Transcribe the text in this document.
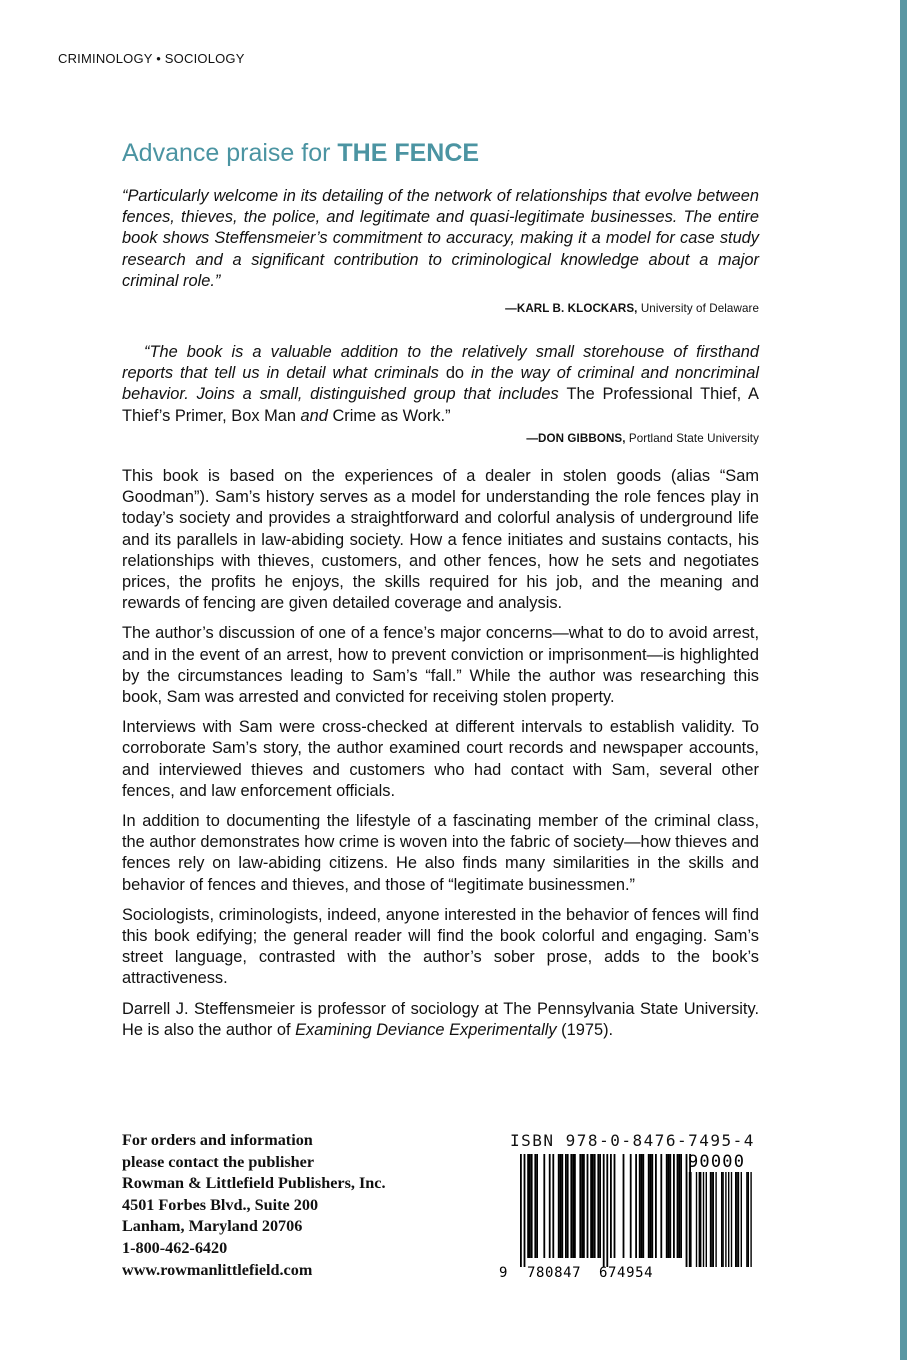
CRIMINOLOGY • SOCIOLOGY
Advance praise for THE FENCE
“Particularly welcome in its detailing of the network of relationships that evolve between fences, thieves, the police, and legitimate and quasi-legitimate businesses. The entire book shows Steffensmeier’s commitment to accuracy, making it a model for case study research and a significant contribution to criminological knowledge about a major criminal role.”
—KARL B. KLOCKARS, University of Delaware
“The book is a valuable addition to the relatively small storehouse of firsthand reports that tell us in detail what criminals do in the way of criminal and noncriminal behavior. Joins a small, distinguished group that includes The Professional Thief, A Thief’s Primer, Box Man and Crime as Work.”
—DON GIBBONS, Portland State University

This book is based on the experiences of a dealer in stolen goods (alias “Sam Goodman”). Sam’s history serves as a model for understanding the role fences play in today’s society and provides a straightforward and colorful analysis of underground life and its parallels in law-abiding society. How a fence initiates and sustains contacts, his relationships with thieves, customers, and other fences, how he sets and negotiates prices, the profits he enjoys, the skills required for his job, and the meaning and rewards of fencing are given detailed coverage and analysis.

The author’s discussion of one of a fence’s major concerns—what to do to avoid arrest, and in the event of an arrest, how to prevent conviction or imprisonment—is highlighted by the circumstances leading to Sam’s “fall.” While the author was researching this book, Sam was arrested and convicted for receiving stolen property.

Interviews with Sam were cross-checked at different intervals to establish validity. To corroborate Sam’s story, the author examined court records and newspaper accounts, and interviewed thieves and customers who had contact with Sam, several other fences, and law enforcement officials.

In addition to documenting the lifestyle of a fascinating member of the criminal class, the author demonstrates how crime is woven into the fabric of society—how thieves and fences rely on law-abiding citizens. He also finds many similarities in the skills and behavior of fences and thieves, and those of “legitimate businessmen.”

Sociologists, criminologists, indeed, anyone interested in the behavior of fences will find this book edifying; the general reader will find the book colorful and engaging. Sam’s street language, contrasted with the author’s sober prose, adds to the book’s attractiveness.

Darrell J. Steffensmeier is professor of sociology at The Pennsylvania State University. He is also the author of Examining Deviance Experimentally (1975).

For orders and information
please contact the publisher
Rowman & Littlefield Publishers, Inc.
4501 Forbes Blvd., Suite 200
Lanham, Maryland 20706
1-800-462-6420
www.rowmanlittlefield.com
ISBN 978-0-8476-7495-4
9 780847 674954
90000
